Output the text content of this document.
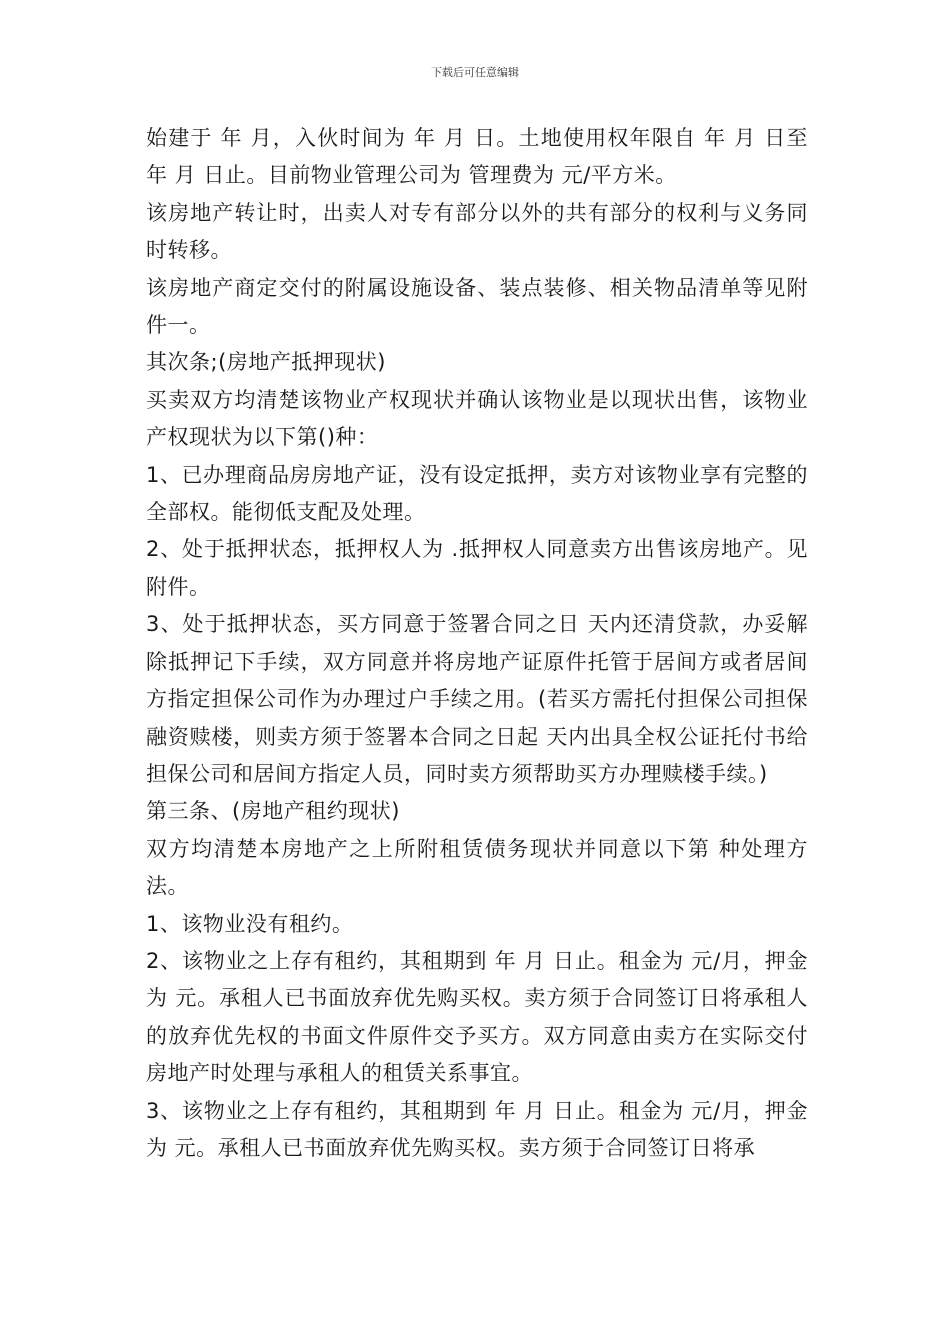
下载后可任意编辑

始建于 年 月，入伙时间为 年 月 日。土地使用权年限自 年 月 日至 年 月 日止。目前物业管理公司为 管理费为 元/平方米。

该房地产转让时，出卖人对专有部分以外的共有部分的权利与义务同时转移。

该房地产商定交付的附属设施设备、装点装修、相关物品清单等见附件一。

其次条;(房地产抵押现状)

买卖双方均清楚该物业产权现状并确认该物业是以现状出售，该物业产权现状为以下第()种：

1、已办理商品房房地产证，没有设定抵押，卖方对该物业享有完整的全部权。能彻低支配及处理。

2、处于抵押状态，抵押权人为 .抵押权人同意卖方出售该房地产。见附件。

3、处于抵押状态，买方同意于签署合同之日 天内还清贷款，办妥解除抵押记下手续，双方同意并将房地产证原件托管于居间方或者居间方指定担保公司作为办理过户手续之用。(若买方需托付担保公司担保融资赎楼，则卖方须于签署本合同之日起 天内出具全权公证托付书给担保公司和居间方指定人员，同时卖方须帮助买方办理赎楼手续。)

第三条、(房地产租约现状)

双方均清楚本房地产之上所附租赁债务现状并同意以下第 种处理方法。

1、该物业没有租约。

2、该物业之上存有租约，其租期到 年 月 日止。租金为 元/月，押金为 元。承租人已书面放弃优先购买权。卖方须于合同签订日将承租人的放弃优先权的书面文件原件交予买方。双方同意由卖方在实际交付房地产时处理与承租人的租赁关系事宜。

3、该物业之上存有租约，其租期到 年 月 日止。租金为 元/月，押金为 元。承租人已书面放弃优先购买权。卖方须于合同签订日将承
